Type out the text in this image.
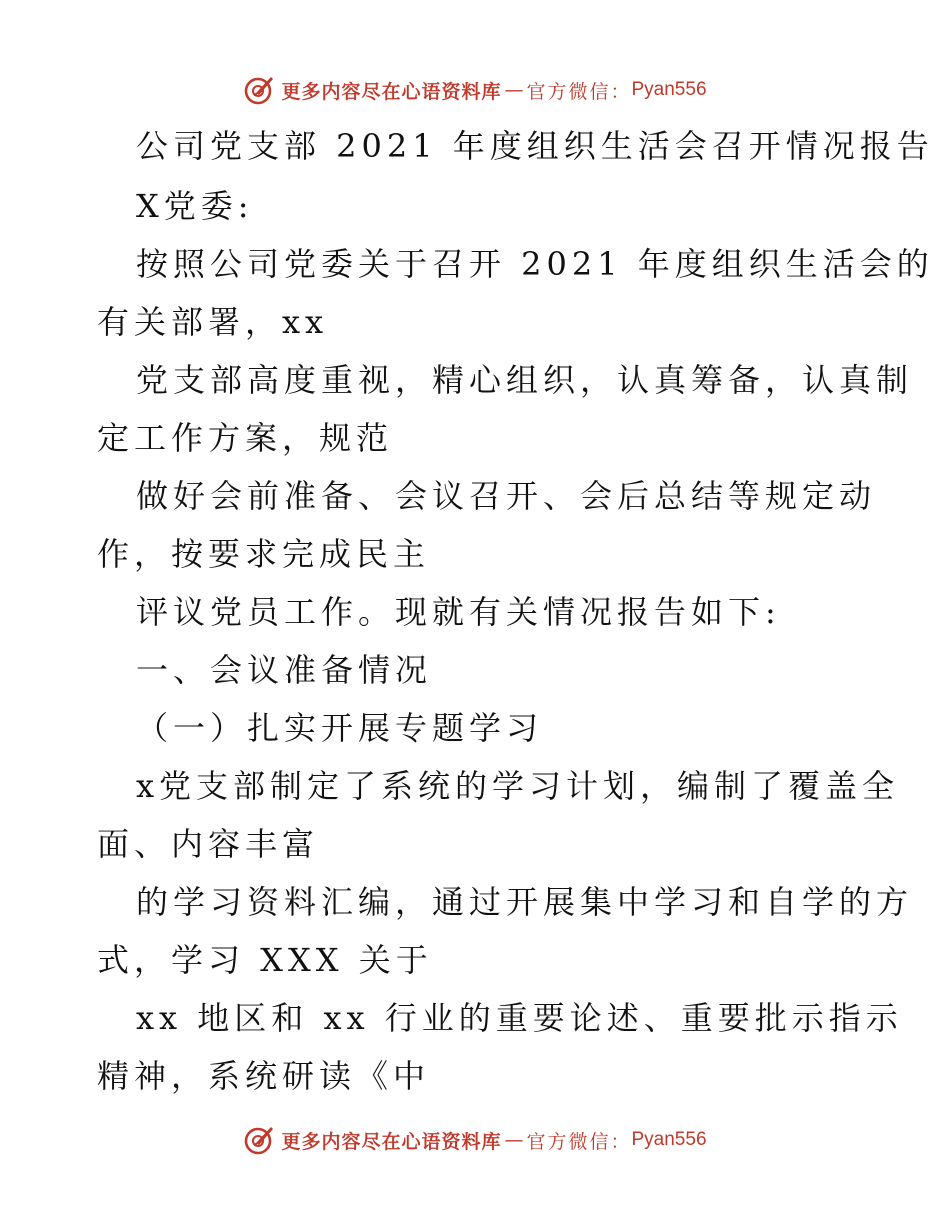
更多内容尽在心语资料库 — 官方微信： Pyan556

公司党支部 2021 年度组织生活会召开情况报告

X党委:

按照公司党委关于召开 2021 年度组织生活会的

有关部署，xx

党支部高度重视，精心组织，认真筹备，认真制

定工作方案，规范

做好会前准备、会议召开、会后总结等规定动

作，按要求完成民主

评议党员工作。现就有关情况报告如下:

一、会议准备情况

（一）扎实开展专题学习

x党支部制定了系统的学习计划，编制了覆盖全

面、内容丰富

的学习资料汇编，通过开展集中学习和自学的方

式，学习 XXX 关于

xx 地区和 xx 行业的重要论述、重要批示指示

精神，系统研读《中

更多内容尽在心语资料库 — 官方微信： Pyan556
